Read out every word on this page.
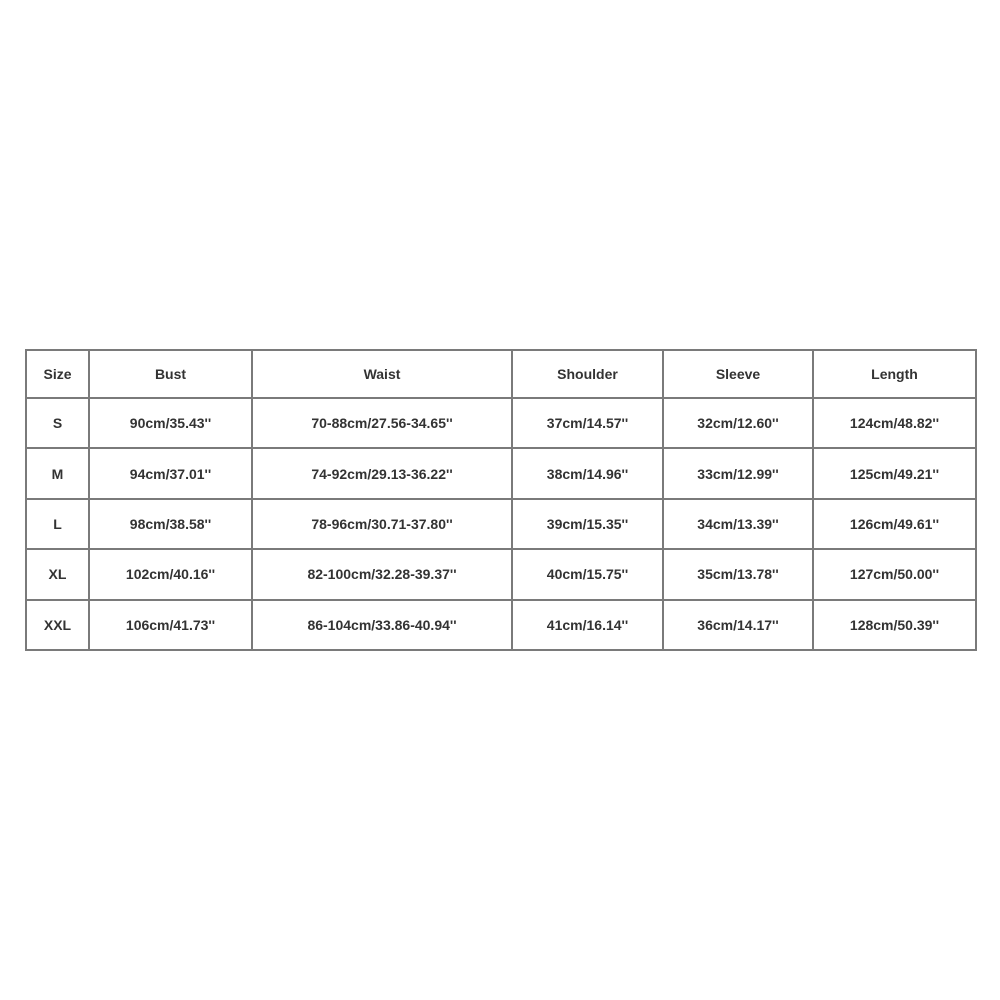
Size	Bust	Waist	Shoulder	Sleeve	Length
S	90cm/35.43''	70-88cm/27.56-34.65''	37cm/14.57''	32cm/12.60''	124cm/48.82''
M	94cm/37.01''	74-92cm/29.13-36.22''	38cm/14.96''	33cm/12.99''	125cm/49.21''
L	98cm/38.58''	78-96cm/30.71-37.80''	39cm/15.35''	34cm/13.39''	126cm/49.61''
XL	102cm/40.16''	82-100cm/32.28-39.37''	40cm/15.75''	35cm/13.78''	127cm/50.00''
XXL	106cm/41.73''	86-104cm/33.86-40.94''	41cm/16.14''	36cm/14.17''	128cm/50.39''
